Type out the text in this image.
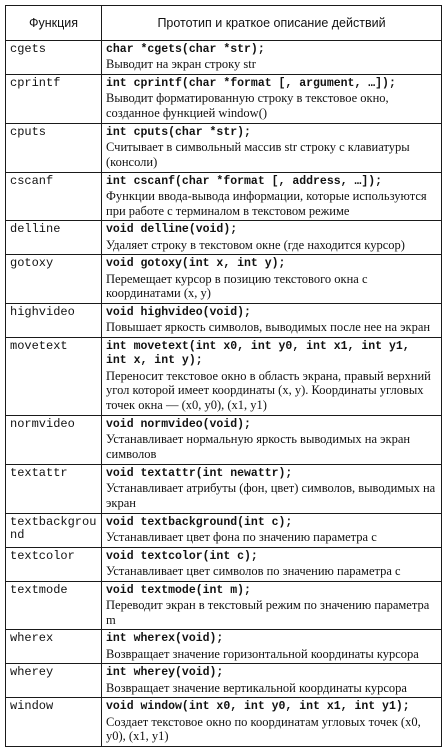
Функция	Прототип и краткое описание действий
cgets	char *cgets(char *str);
Выводит на экран строку str

cprintf	int cprintf(char *format [, argument, …]);
Выводит форматированную строку в текстовое окно, созданное функцией window()

cputs	int cputs(char *str);
Считывает в символьный массив str строку с клавиатуры (консоли)

cscanf	int cscanf(char *format [, address, …]);
Функции ввода-вывода информации, которые используются при работе с терминалом в текстовом режиме

delline	void delline(void);
Удаляет строку в текстовом окне (где находится курсор)

gotoxy	void gotoxy(int x, int y);
Перемещает курсор в позицию текстового окна с координатами (x, y)

highvideo	void highvideo(void);
Повышает яркость символов, выводимых после нее на экран

movetext	int movetext(int x0, int y0, int x1, int y1, int x, int y);
Переносит текстовое окно в область экрана, правый верхний угол которой имеет координаты (x, y). Координаты угловых точек окна — (x0, y0), (x1, y1)

normvideo	void normvideo(void);
Устанавливает нормальную яркость выводимых на экран символов

textattr	void textattr(int newattr);
Устанавливает атрибуты (фон, цвет) символов, выводимых на экран

textbackground	void textbackground(int c);
Устанавливает цвет фона по значению параметра c

textcolor	void textcolor(int c);
Устанавливает цвет символов по значению параметра c

textmode	void textmode(int m);
Переводит экран в текстовый режим по значению параметра m

wherex	int wherex(void);
Возвращает значение горизонтальной координаты курсора

wherey	int wherey(void);
Возвращает значение вертикальной координаты курсора

window	void window(int x0, int y0, int x1, int y1);
Создает текстовое окно по координатам угловых точек (x0, y0), (x1, y1)
